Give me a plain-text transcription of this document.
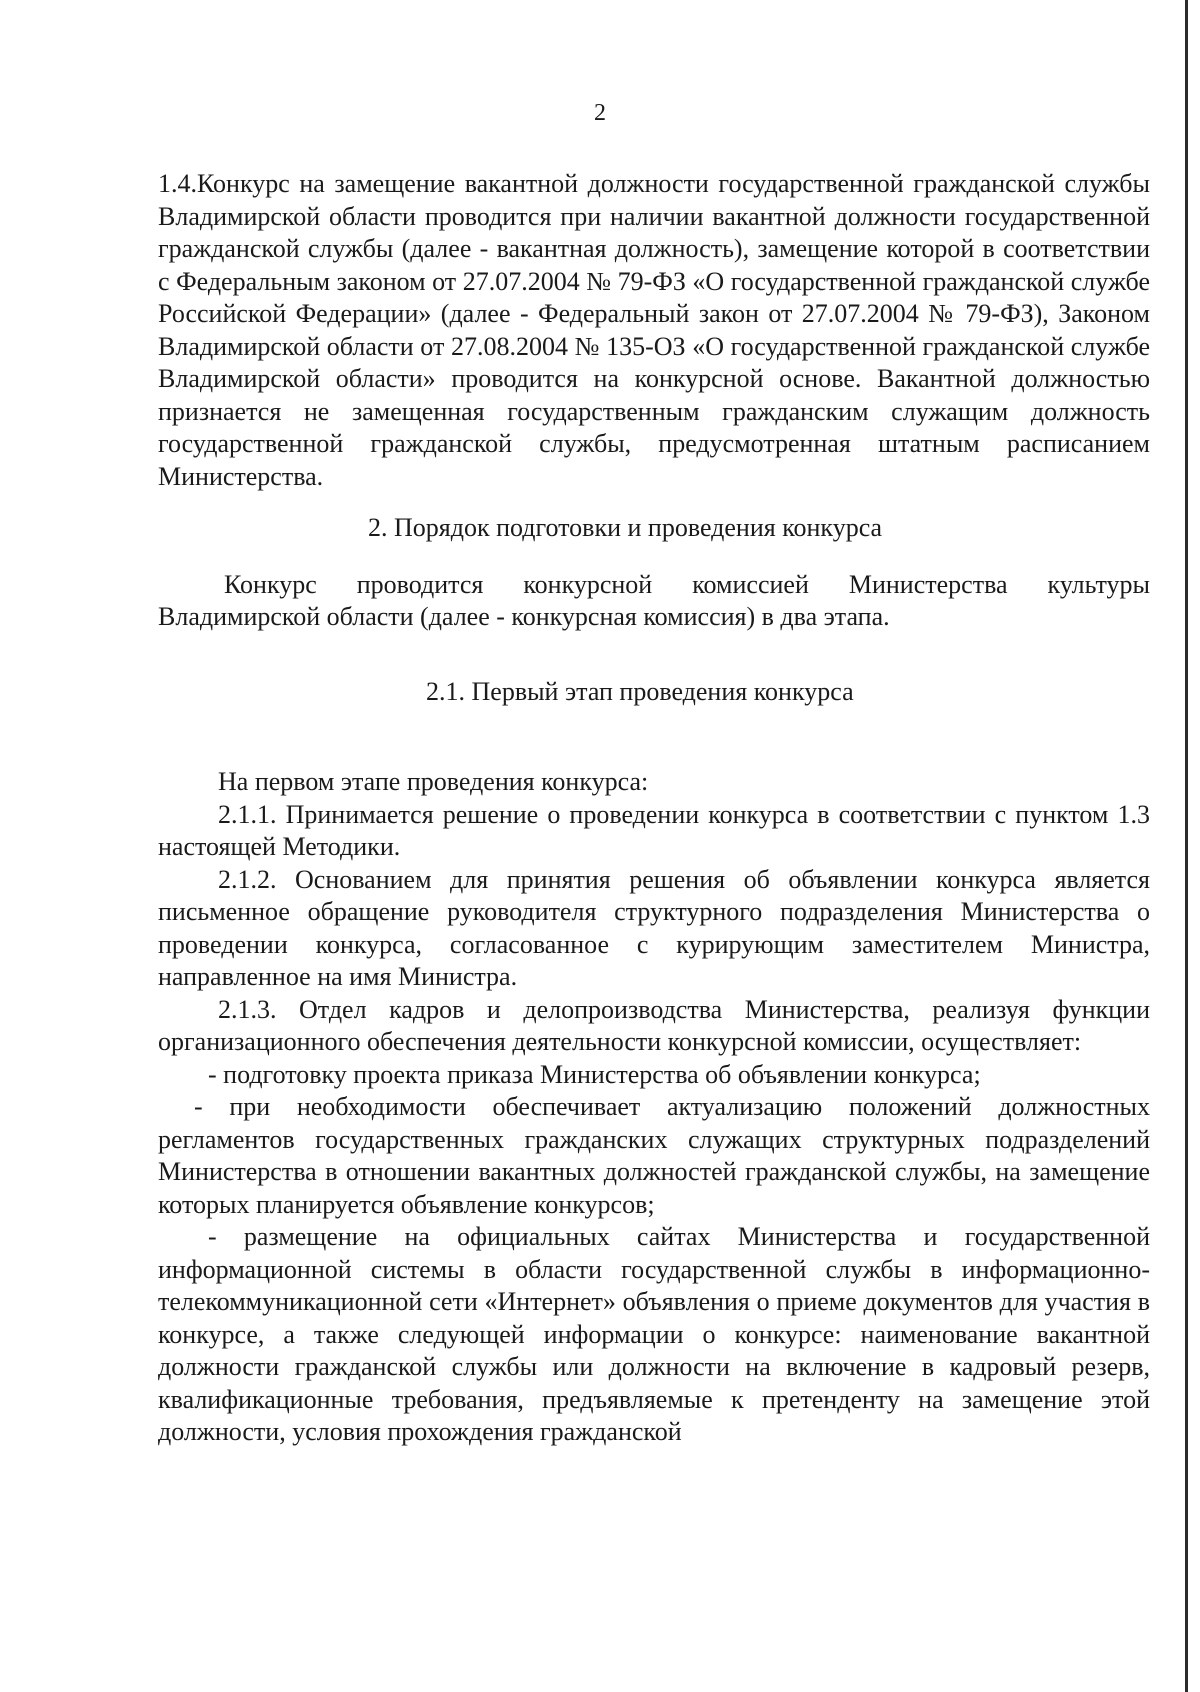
2

1.4.Конкурс на замещение вакантной должности государственной гражданской службы Владимирской области проводится при наличии вакантной должности государственной гражданской службы (далее - вакантная должность), замещение которой в соответствии с Федеральным законом от 27.07.2004 № 79-ФЗ «О государственной гражданской службе Российской Федерации» (далее - Федеральный закон от 27.07.2004 № 79-ФЗ), Законом Владимирской области от 27.08.2004 № 135-ОЗ «О государственной гражданской службе Владимирской области» проводится на конкурсной основе. Вакантной должностью признается не замещенная государственным гражданским служащим должность государственной гражданской службы, предусмотренная штатным расписанием Министерства.

2. Порядок подготовки и проведения конкурса

Конкурс проводится конкурсной комиссией Министерства культуры Владимирской области (далее - конкурсная комиссия) в два этапа.

2.1. Первый этап проведения конкурса

На первом этапе проведения конкурса:

2.1.1. Принимается решение о проведении конкурса в соответствии с пунктом 1.3 настоящей Методики.

2.1.2. Основанием для принятия решения об объявлении конкурса является письменное обращение руководителя структурного подразделения Министерства о проведении конкурса, согласованное с курирующим заместителем Министра, направленное на имя Министра.

2.1.3. Отдел кадров и делопроизводства Министерства, реализуя функции организационного обеспечения деятельности конкурсной комиссии, осуществляет:

- подготовку проекта приказа Министерства об объявлении конкурса;

- при необходимости обеспечивает актуализацию положений должностных регламентов государственных гражданских служащих структурных подразделений Министерства в отношении вакантных должностей гражданской службы, на замещение которых планируется объявление конкурсов;

- размещение на официальных сайтах Министерства и государственной информационной системы в области государственной службы в информационно-телекоммуникационной сети «Интернет» объявления о приеме документов для участия в конкурсе, а также следующей информации о конкурсе: наименование вакантной должности гражданской службы или должности на включение в кадровый резерв, квалификационные требования, предъявляемые к претенденту на замещение этой должности, условия прохождения гражданской
